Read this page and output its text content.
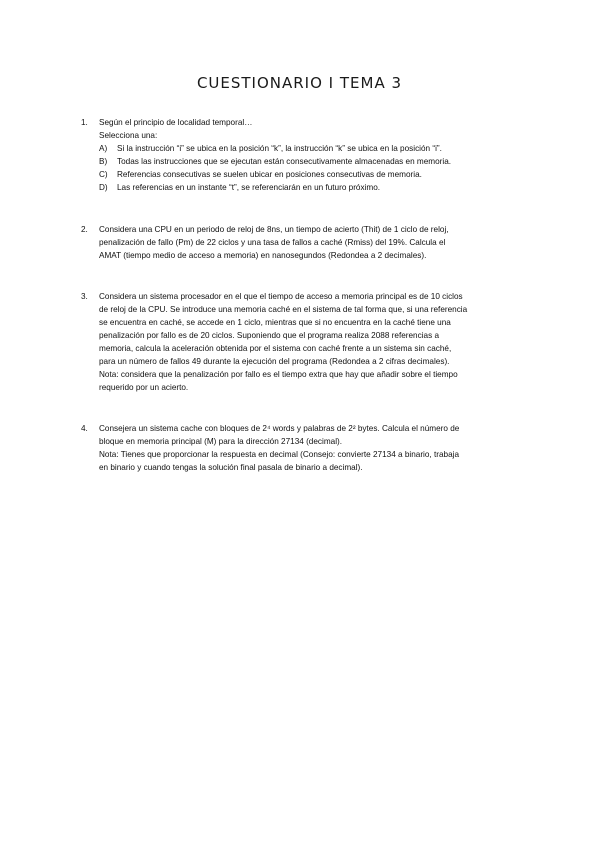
CUESTIONARIO I TEMA 3
1.	Según el principio de localidad temporal…

Selecciona una:

A) Si la instrucción “i” se ubica en la posición “k”, la instrucción “k” se ubica en la posición “i”.
B) Todas las instrucciones que se ejecutan están consecutivamente almacenadas en memoria.
C) Referencias consecutivas se suelen ubicar en posiciones consecutivas de memoria.
D) Las referencias en un instante “t”, se referenciarán en un futuro próximo.
2.	Considera una CPU en un periodo de reloj de 8ns, un tiempo de acierto (Thit) de 1 ciclo de reloj,

penalización de fallo (Pm) de 22 ciclos y una tasa de fallos a caché (Rmiss) del 19%. Calcula el

AMAT (tiempo medio de acceso a memoria) en nanosegundos (Redondea a 2 decimales).

3.	Considera un sistema procesador en el que el tiempo de acceso a memoria principal es de 10 ciclos

de reloj de la CPU. Se introduce una memoria caché en el sistema de tal forma que, si una referencia

se encuentra en caché, se accede en 1 ciclo, mientras que si no encuentra en la caché tiene una

penalización por fallo es de 20 ciclos. Suponiendo que el programa realiza 2088 referencias a

memoria, calcula la aceleración obtenida por el sistema con caché frente a un sistema sin caché,

para un número de fallos 49 durante la ejecución del programa (Redondea a 2 cifras decimales).

Nota: considera que la penalización por fallo es el tiempo extra que hay que añadir sobre el tiempo

requerido por un acierto.

4.	Consejera un sistema cache con bloques de 2⁴ words y palabras de 2² bytes. Calcula el número de

bloque en memoria principal (M) para la dirección 27134 (decimal).

Nota: Tienes que proporcionar la respuesta en decimal (Consejo: convierte 27134 a binario, trabaja

en binario y cuando tengas la solución final pasala de binario a decimal).
